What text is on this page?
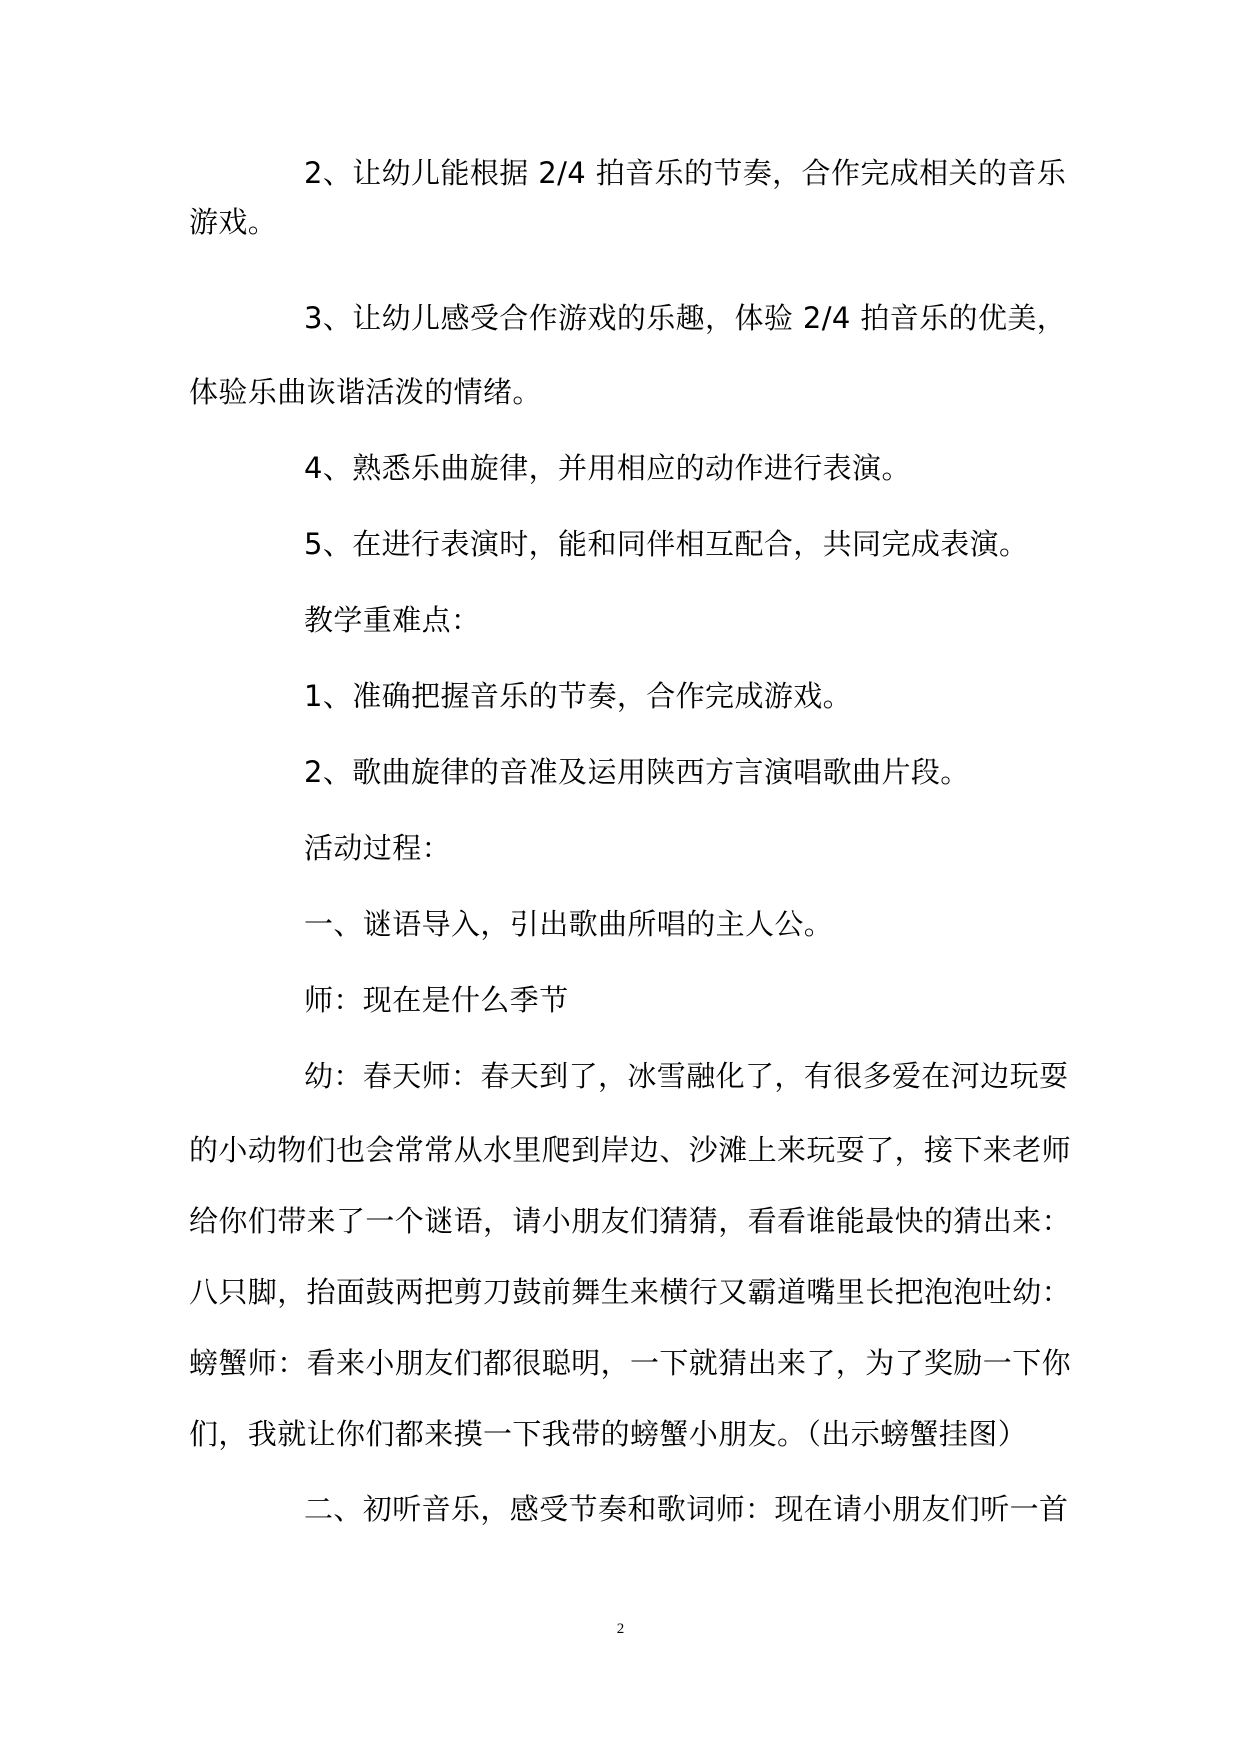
2、让幼儿能根据 2/4 拍音乐的节奏，合作完成相关的音乐
游戏。
3、让幼儿感受合作游戏的乐趣，体验 2/4 拍音乐的优美，
体验乐曲诙谐活泼的情绪。
4、熟悉乐曲旋律，并用相应的动作进行表演。
5、在进行表演时，能和同伴相互配合，共同完成表演。
教学重难点：
1、准确把握音乐的节奏，合作完成游戏。
2、歌曲旋律的音准及运用陕西方言演唱歌曲片段。
活动过程：
一、谜语导入，引出歌曲所唱的主人公。
师：现在是什么季节
幼：春天师：春天到了，冰雪融化了，有很多爱在河边玩耍
的小动物们也会常常从水里爬到岸边、沙滩上来玩耍了，接下来老师
给你们带来了一个谜语，请小朋友们猜猜，看看谁能最快的猜出来：
八只脚，抬面鼓两把剪刀鼓前舞生来横行又霸道嘴里长把泡泡吐幼：
螃蟹师：看来小朋友们都很聪明，一下就猜出来了，为了奖励一下你
们，我就让你们都来摸一下我带的螃蟹小朋友。（出示螃蟹挂图）
二、初听音乐，感受节奏和歌词师：现在请小朋友们听一首
2
